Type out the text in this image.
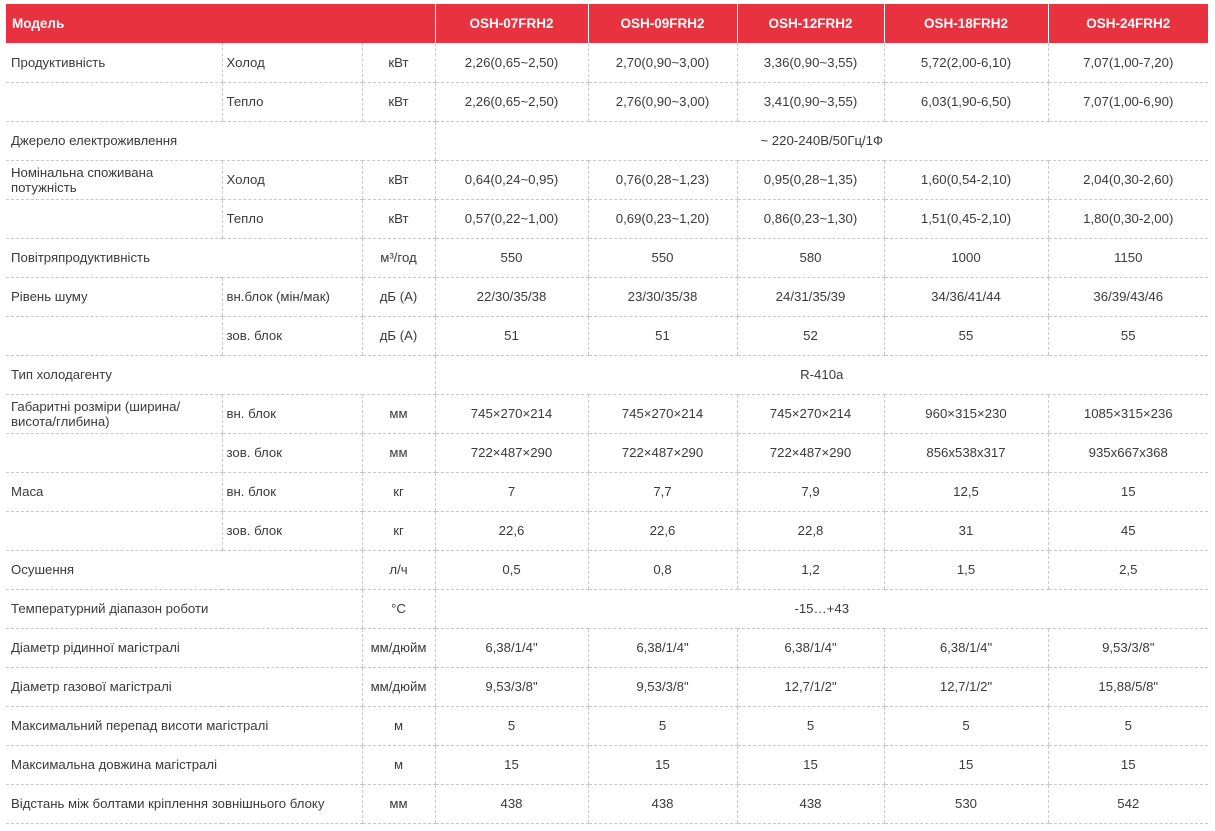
Модель			OSH-07FRH2	OSH-09FRH2	OSH-12FRH2	OSH-18FRH2	OSH-24FRH2
Продуктивність	Холод	кВт	2,26(0,65~2,50)	2,70(0,90~3,00)	3,36(0,90~3,55)	5,72(2,00-6,10)	7,07(1,00-7,20)
	Тепло	кВт	2,26(0,65~2,50)	2,76(0,90~3,00)	3,41(0,90~3,55)	6,03(1,90-6,50)	7,07(1,00-6,90)
Джерело електроживлення			~ 220-240В/50Гц/1Ф				
Номінальна споживана потужність	Холод	кВт	0,64(0,24~0,95)	0,76(0,28~1,23)	0,95(0,28~1,35)	1,60(0,54-2,10)	2,04(0,30-2,60)
	Тепло	кВт	0,57(0,22~1,00)	0,69(0,23~1,20)	0,86(0,23~1,30)	1,51(0,45-2,10)	1,80(0,30-2,00)
Повітряпродуктивність		м³/год	550	550	580	1000	1150
Рівень шуму	вн.блок (мін/мак)	дБ (А)	22/30/35/38	23/30/35/38	24/31/35/39	34/36/41/44	36/39/43/46
	зов. блок	дБ (А)	51	51	52	55	55
Тип холодагенту			R-410a				
Габаритні розміри (ширина/висота/глибина)	вн. блок	мм	745×270×214	745×270×214	745×270×214	960×315×230	1085×315×236
	зов. блок	мм	722×487×290	722×487×290	722×487×290	856x538x317	935x667x368
Маса	вн. блок	кг	7	7,7	7,9	12,5	15
	зов. блок	кг	22,6	22,6	22,8	31	45
Осушення		л/ч	0,5	0,8	1,2	1,5	2,5
Температурний діапазон роботи		°С	-15…+43				
Діаметр рідинної магістралі		мм/дюйм	6,38/1/4"	6,38/1/4"	6,38/1/4"	6,38/1/4"	9,53/3/8"
Діаметр газової магістралі		мм/дюйм	9,53/3/8"	9,53/3/8"	12,7/1/2"	12,7/1/2"	15,88/5/8"
Максимальний перепад висоти магістралі		м	5	5	5	5	5
Максимальна довжина магістралі		м	15	15	15	15	15
Відстань між болтами кріплення зовнішнього блоку		мм	438	438	438	530	542
